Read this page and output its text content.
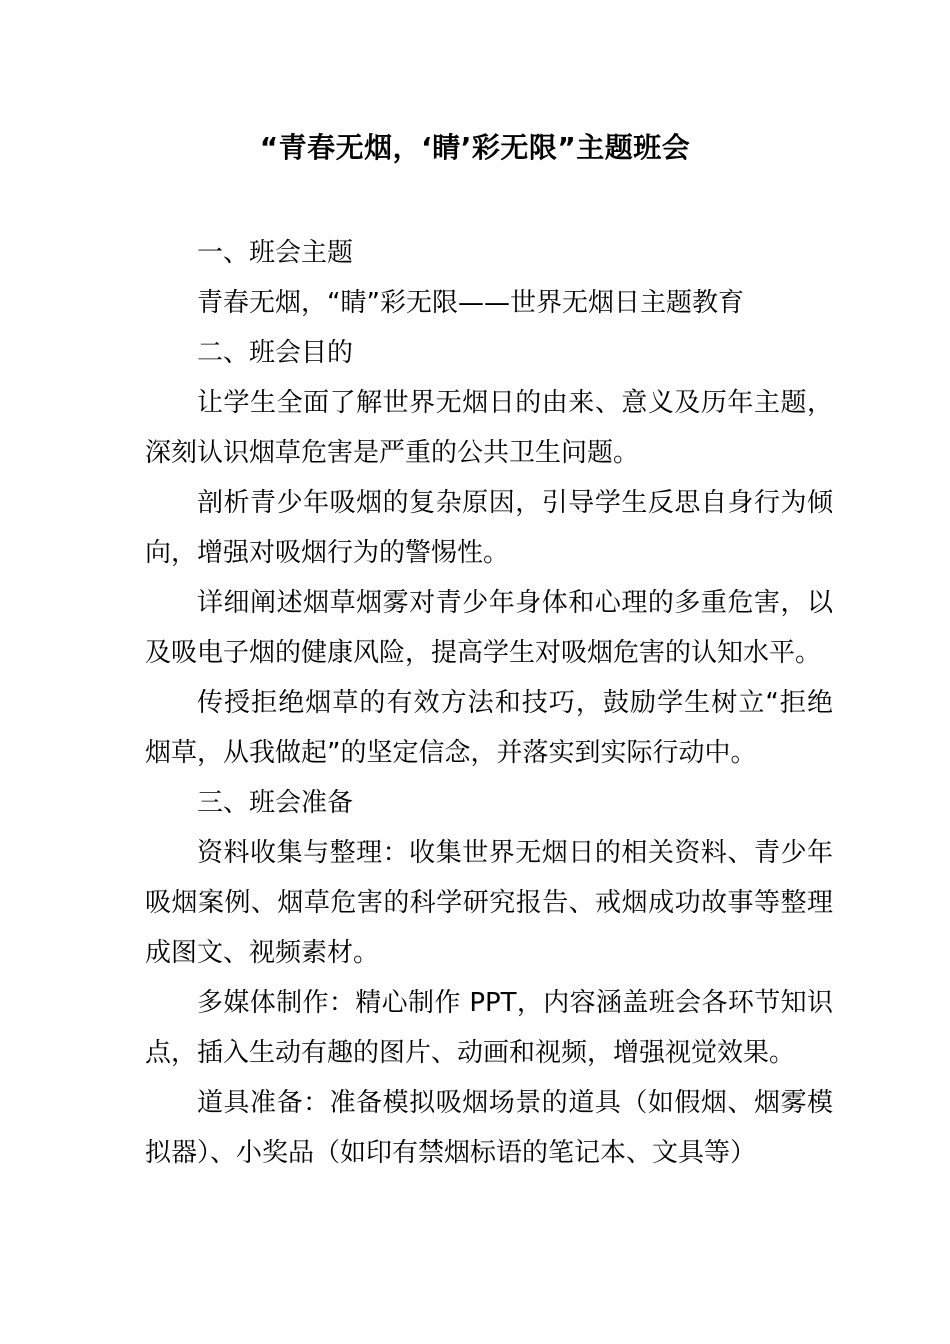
“青春无烟，‘睛’彩无限”主题班会

一、班会主题

青春无烟，“睛”彩无限——世界无烟日主题教育

二、班会目的

让学生全面了解世界无烟日的由来、意义及历年主题，深刻认识烟草危害是严重的公共卫生问题。

剖析青少年吸烟的复杂原因，引导学生反思自身行为倾向，增强对吸烟行为的警惕性。

详细阐述烟草烟雾对青少年身体和心理的多重危害，以及吸电子烟的健康风险，提高学生对吸烟危害的认知水平。

传授拒绝烟草的有效方法和技巧，鼓励学生树立“拒绝烟草，从我做起”的坚定信念，并落实到实际行动中。

三、班会准备

资料收集与整理：收集世界无烟日的相关资料、青少年吸烟案例、烟草危害的科学研究报告、戒烟成功故事等整理成图文、视频素材。

多媒体制作：精心制作 PPT，内容涵盖班会各环节知识点，插入生动有趣的图片、动画和视频，增强视觉效果。

道具准备：准备模拟吸烟场景的道具（如假烟、烟雾模拟器）、小奖品（如印有禁烟标语的笔记本、文具等）
